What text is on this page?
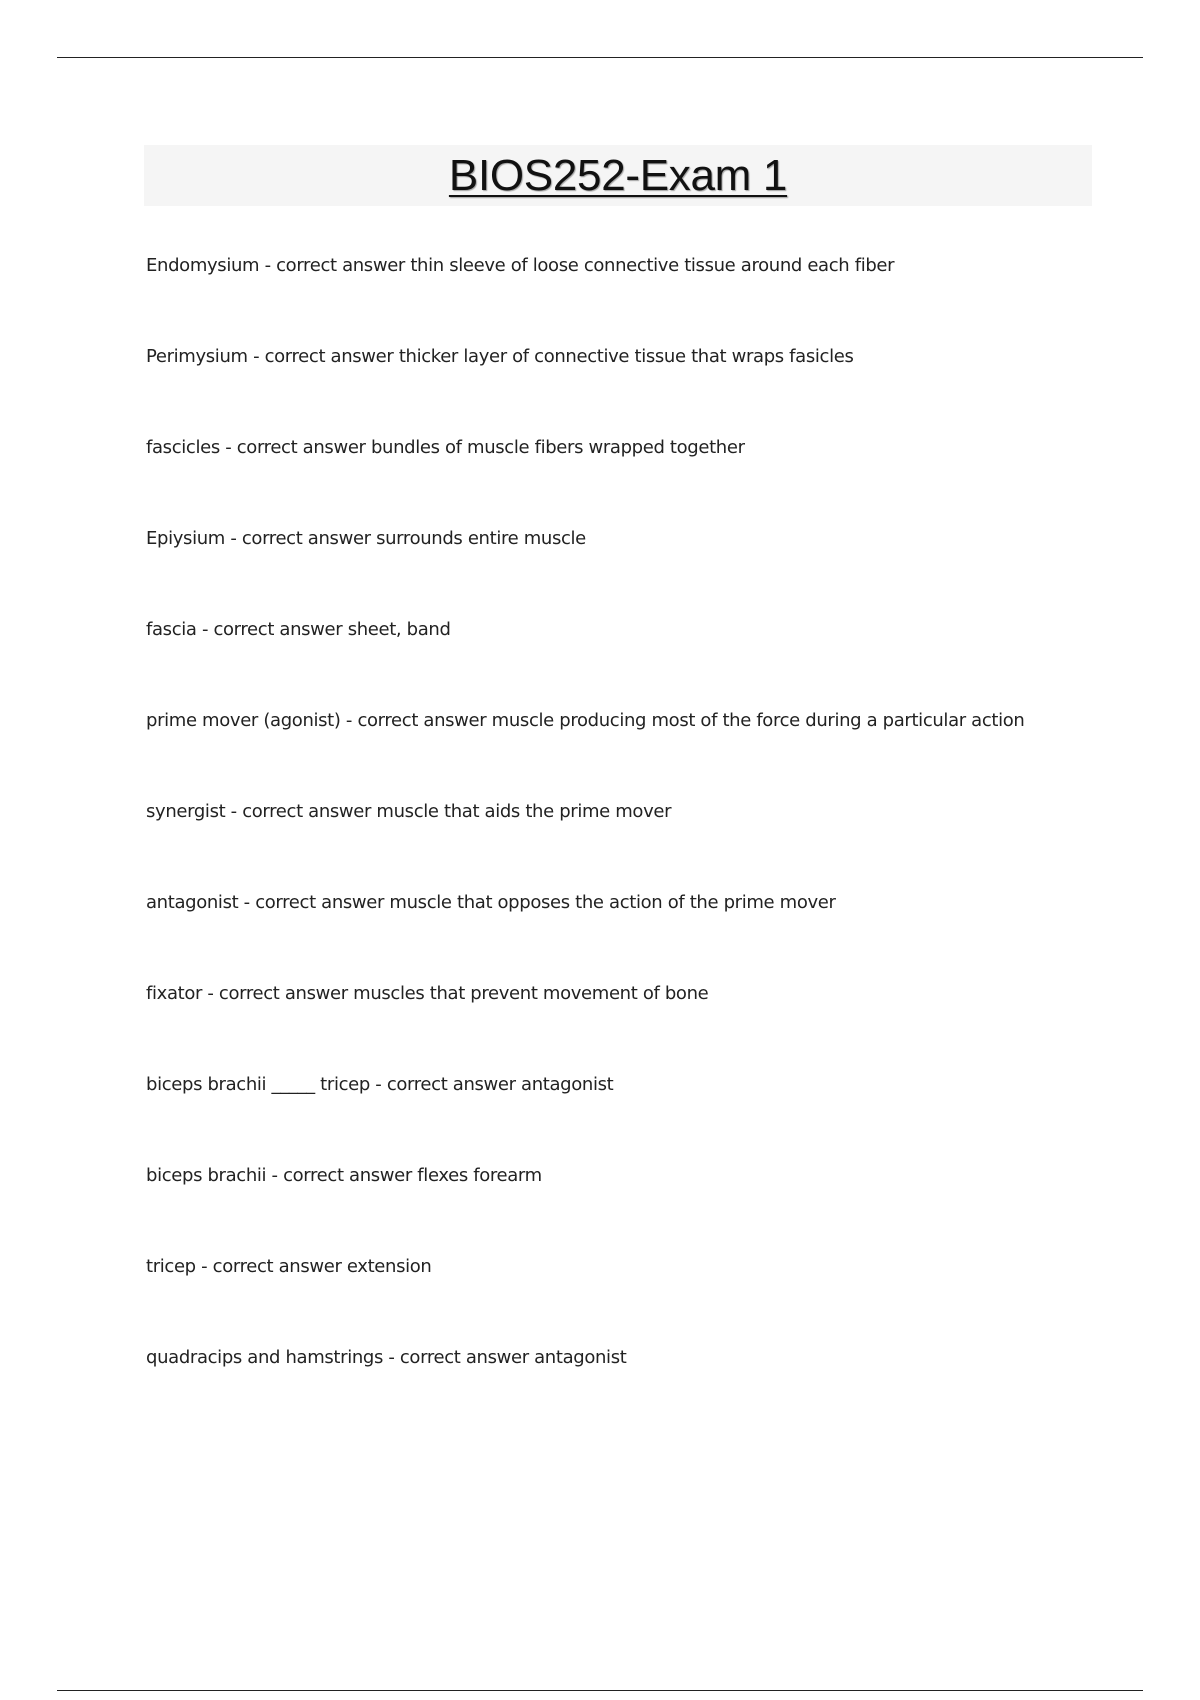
BIOS252-Exam 1
Endomysium - correct answer thin sleeve of loose connective tissue around each fiber
Perimysium - correct answer thicker layer of connective tissue that wraps fasicles
fascicles - correct answer bundles of muscle fibers wrapped together
Epiysium - correct answer surrounds entire muscle
fascia - correct answer sheet, band
prime mover (agonist) - correct answer muscle producing most of the force during a particular action
synergist - correct answer muscle that aids the prime mover
antagonist - correct answer muscle that opposes the action of the prime mover
fixator - correct answer muscles that prevent movement of bone
biceps brachii _____ tricep - correct answer antagonist
biceps brachii - correct answer flexes forearm
tricep - correct answer extension
quadracips and hamstrings - correct answer antagonist
